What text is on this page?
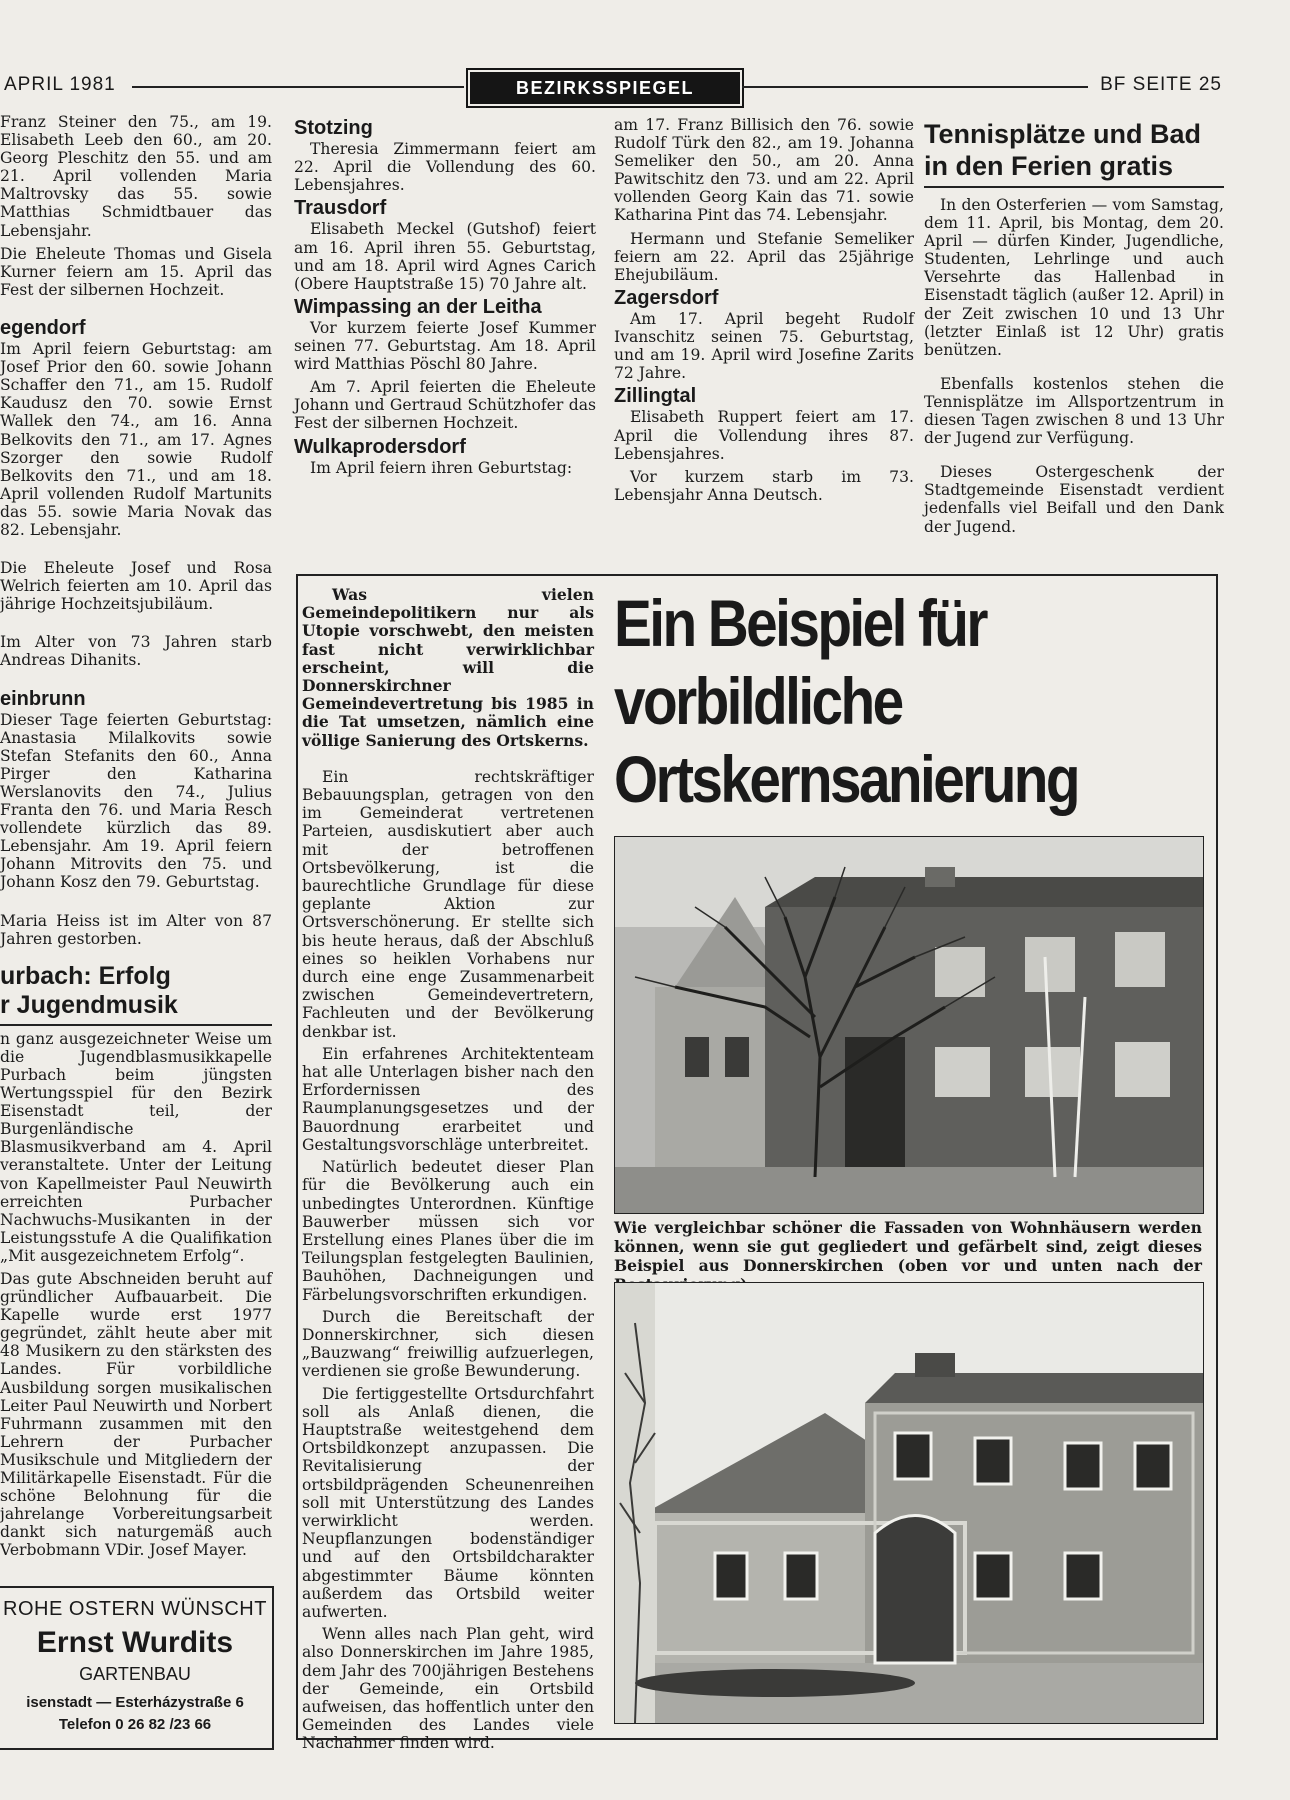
APRIL 1981	BEZIRKSSPIEGEL	BF SEITE 25

Franz Steiner den 75., am 19. Elisabeth Leeb den 60., am 20. Georg Pleschitz den 55. und am 21. April vollenden Maria Maltrovsky das 55. sowie Matthias Schmidtbauer das Lebensjahr.

Die Eheleute Thomas und Gisela Kurner feiern am 15. April das Fest der silbernen Hochzeit.

egendorf

Im April feiern Geburtstag: am Josef Prior den 60. sowie Johann Schaffer den 71., am 15. Rudolf Kaudusz den 70. sowie Ernst Wallek den 74., am 16. Anna Belkovits den 71., am 17. Agnes Szorger den sowie Rudolf Belkovits den 71., und am 18. April vollenden Rudolf Martunits das 55. sowie Maria Novak das 82. Lebensjahr.

Die Eheleute Josef und Rosa Welrich feierten am 10. April das jährige Hochzeitsjubiläum.

Im Alter von 73 Jahren starb Andreas Dihanits.

einbrunn

Dieser Tage feierten Geburtstag: Anastasia Milalkovits sowie Stefan Stefanits den 60., Anna Pirger den Katharina Werslanovits den 74., Julius Franta den 76. und Maria Resch vollendete kürzlich das 89. Lebensjahr. Am 19. April feiern Johann Mitrovits den 75. und Johann Kosz den 79. Geburtstag.

Maria Heiss ist im Alter von 87 Jahren gestorben.

urbach: Erfolg
r Jugendmusik

n ganz ausgezeichneter Weise um die Jugendblasmusikkapelle Purbach beim jüngsten Wertungsspiel für den Bezirk Eisenstadt teil, der Burgenländische Blasmusikverband am 4. April veranstaltete. Unter der Leitung von Kapellmeister Paul Neuwirth erreichten Purbacher Nachwuchs-Musikanten in der Leistungsstufe A die Qualifikation „Mit ausgezeichnetem Erfolg“.

Das gute Abschneiden beruht auf gründlicher Aufbauarbeit. Die Kapelle wurde erst 1977 gegründet, zählt heute aber mit 48 Musikern zu den stärksten des Landes. Für vorbildliche Ausbildung sorgen musikalischen Leiter Paul Neuwirth und Norbert Fuhrmann zusammen mit den Lehrern der Purbacher Musikschule und Mitgliedern der Militärkapelle Eisenstadt. Für die schöne Belohnung für die jahrelange Vorbereitungsarbeit dankt sich naturgemäß auch Verbobmann VDir. Josef Mayer.

ROHE OSTERN WÜNSCHT
Ernst Wurdits
GARTENBAU
isenstadt — Esterházystraße 6
Telefon 0 26 82 /23 66
Stotzing

Theresia Zimmermann feiert am 22. April die Vollendung des 60. Lebensjahres.

Trausdorf

Elisabeth Meckel (Gutshof) feiert am 16. April ihren 55. Geburtstag, und am 18. April wird Agnes Carich (Obere Hauptstraße 15) 70 Jahre alt.

Wimpassing an der Leitha

Vor kurzem feierte Josef Kummer seinen 77. Geburtstag. Am 18. April wird Matthias Pöschl 80 Jahre.

Am 7. April feierten die Eheleute Johann und Gertraud Schützhofer das Fest der silbernen Hochzeit.

Wulkaprodersdorf

Im April feiern ihren Geburtstag:

am 17. Franz Billisich den 76. sowie Rudolf Türk den 82., am 19. Johanna Semeliker den 50., am 20. Anna Pawitschitz den 73. und am 22. April vollenden Georg Kain das 71. sowie Katharina Pint das 74. Lebensjahr.

Hermann und Stefanie Semeliker feiern am 22. April das 25jährige Ehejubiläum.

Zagersdorf

Am 17. April begeht Rudolf Ivanschitz seinen 75. Geburtstag, und am 19. April wird Josefine Zarits 72 Jahre.

Zillingtal

Elisabeth Ruppert feiert am 17. April die Vollendung ihres 87. Lebensjahres.

Vor kurzem starb im 73. Lebensjahr Anna Deutsch.

Tennisplätze und Bad
in den Ferien gratis

In den Osterferien — vom Samstag, dem 11. April, bis Montag, dem 20. April — dürfen Kinder, Jugendliche, Studenten, Lehrlinge und auch Versehrte das Hallenbad in Eisenstadt täglich (außer 12. April) in der Zeit zwischen 10 und 13 Uhr (letzter Einlaß ist 12 Uhr) gratis benützen.

Ebenfalls kostenlos stehen die Tennisplätze im Allsportzentrum in diesen Tagen zwischen 8 und 13 Uhr der Jugend zur Verfügung.

Dieses Ostergeschenk der Stadtgemeinde Eisenstadt verdient jedenfalls viel Beifall und den Dank der Jugend.

Was vielen Gemeindepolitikern nur als Utopie vorschwebt, den meisten fast nicht verwirklichbar erscheint, will die Donnerskirchner Gemeindevertretung bis 1985 in die Tat umsetzen, nämlich eine völlige Sanierung des Ortskerns.

Ein rechtskräftiger Bebauungsplan, getragen von den im Gemeinderat vertretenen Parteien, ausdiskutiert aber auch mit der betroffenen Ortsbevölkerung, ist die baurechtliche Grundlage für diese geplante Aktion zur Ortsverschönerung. Er stellte sich bis heute heraus, daß der Abschluß eines so heiklen Vorhabens nur durch eine enge Zusammenarbeit zwischen Gemeindevertretern, Fachleuten und der Bevölkerung denkbar ist.

Ein erfahrenes Architektenteam hat alle Unterlagen bisher nach den Erfordernissen des Raumplanungsgesetzes und der Bauordnung erarbeitet und Gestaltungsvorschläge unterbreitet.

Natürlich bedeutet dieser Plan für die Bevölkerung auch ein unbedingtes Unterordnen. Künftige Bauwerber müssen sich vor Erstellung eines Planes über die im Teilungsplan festgelegten Baulinien, Bauhöhen, Dachneigungen und Färbelungsvorschriften erkundigen.

Durch die Bereitschaft der Donnerskirchner, sich diesen „Bauzwang“ freiwillig aufzuerlegen, verdienen sie große Bewunderung.

Die fertiggestellte Ortsdurchfahrt soll als Anlaß dienen, die Hauptstraße weitestgehend dem Ortsbildkonzept anzupassen. Die Revitalisierung der ortsbildprägenden Scheunenreihen soll mit Unterstützung des Landes verwirklicht werden. Neupflanzungen bodenständiger und auf den Ortsbildcharakter abgestimmter Bäume könnten außerdem das Ortsbild weiter aufwerten.

Wenn alles nach Plan geht, wird also Donnerskirchen im Jahre 1985, dem Jahr des 700jährigen Bestehens der Gemeinde, ein Ortsbild aufweisen, das hoffentlich unter den Gemeinden des Landes viele Nachahmer finden wird.

Ein Beispiel für
vorbildliche
Ortskernsanierung
Wie vergleichbar schöner die Fassaden von Wohnhäusern werden können, wenn sie gut gegliedert und gefärbelt sind, zeigt dieses Beispiel aus Donnerskirchen (oben vor und unten nach der
